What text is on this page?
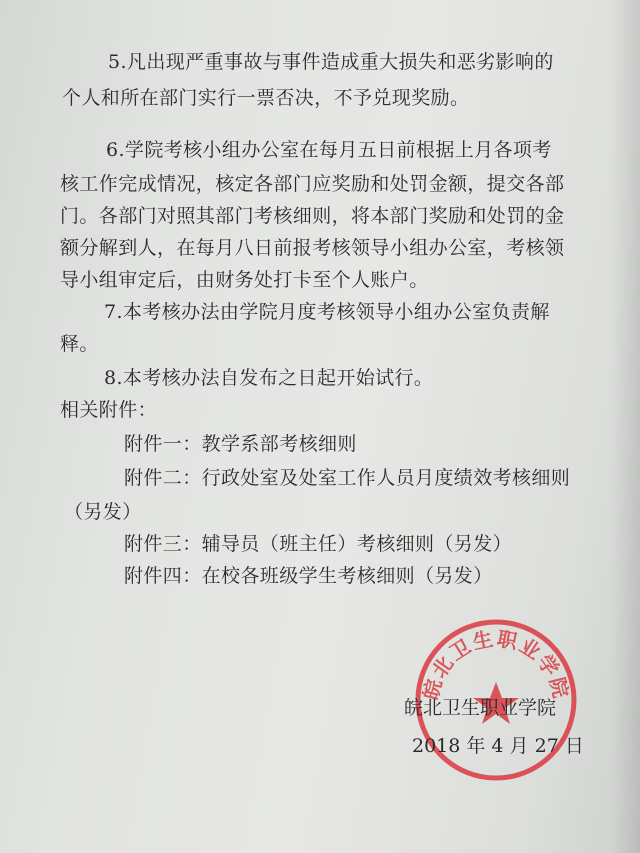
5.凡出现严重事故与事件造成重大损失和恶劣影响的
个人和所在部门实行一票否决，不予兑现奖励。
6.学院考核小组办公室在每月五日前根据上月各项考
核工作完成情况，核定各部门应奖励和处罚金额，提交各部
门。各部门对照其部门考核细则，将本部门奖励和处罚的金
额分解到人，在每月八日前报考核领导小组办公室，考核领
导小组审定后，由财务处打卡至个人账户。
7.本考核办法由学院月度考核领导小组办公室负责解
释。
8.本考核办法自发布之日起开始试行。
相关附件：
附件一：教学系部考核细则
附件二：行政处室及处室工作人员月度绩效考核细则
（另发）
附件三：辅导员（班主任）考核细则（另发）
附件四：在校各班级学生考核细则（另发）
皖北卫生职业学院
皖北卫生职业学院
2018 年 4 月 27 日
